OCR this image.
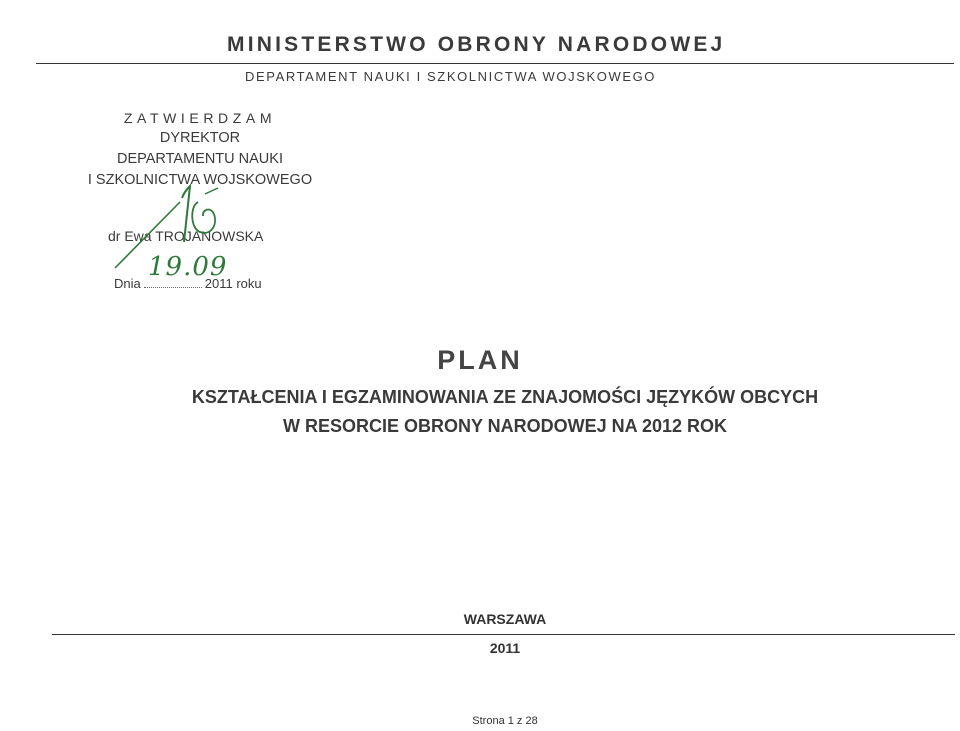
MINISTERSTWO OBRONY NARODOWEJ
DEPARTAMENT NAUKI I SZKOLNICTWA WOJSKOWEGO
ZATWIERDZAM
DYREKTOR
DEPARTAMENTU NAUKI
I SZKOLNICTWA WOJSKOWEGO
dr Ewa TROJANOWSKA
19.09
Dnia	2011 roku
PLAN
KSZTAŁCENIA I EGZAMINOWANIA ZE ZNAJOMOŚCI JĘZYKÓW OBCYCH
W RESORCIE OBRONY NARODOWEJ NA 2012 ROK
WARSZAWA
2011
Strona 1 z 28
